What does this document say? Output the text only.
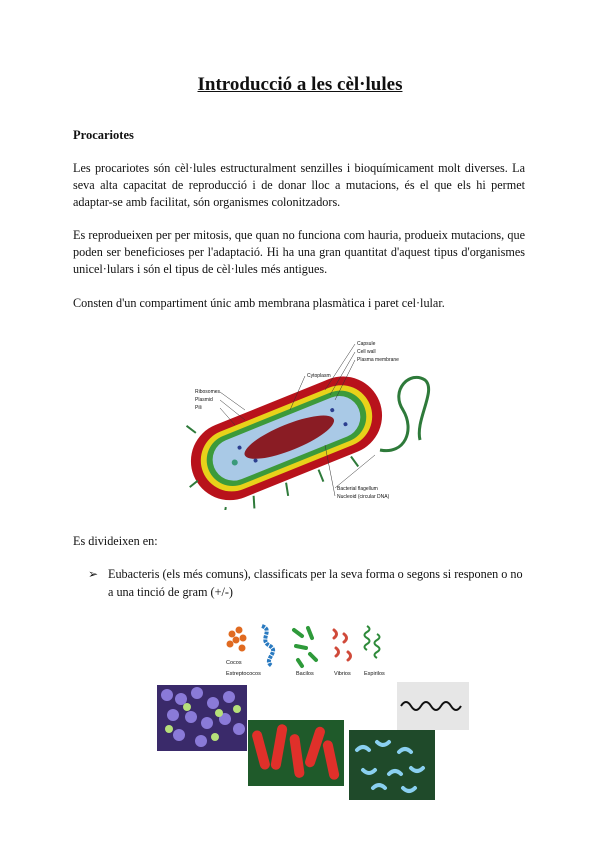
Introducció a les cèl·lules
Procariotes
Les procariotes són cèl·lules estructuralment senzilles i bioquímicament molt diverses. La seva alta capacitat de reproducció i de donar lloc a mutacions, és el que els hi permet adaptar-se amb facilitat, són organismes colonitzadors.
Es reprodueixen per per mitosis, que quan no funciona com hauria, produeix mutacions, que poden ser beneficioses per l'adaptació. Hi ha una gran quantitat d'aquest tipus d'organismes unicel·lulars i són el tipus de cèl·lules més antigues.
Consten d'un compartiment únic amb membrana plasmàtica i paret cel·lular.
Capsule
Cell wall
Plasma membrane
Cytoplasm
Ribosomes
Plasmid
Pili
Bacterial flagellum
Nucleoid (circular DNA)
Es divideixen en:
➢ Eubacteris (els més comuns), classificats per la seva forma o segons si responen o no a una tinció de gram (+/-)
Cocos
Estreptococos	Bacilos	Vibrios Espirilos
